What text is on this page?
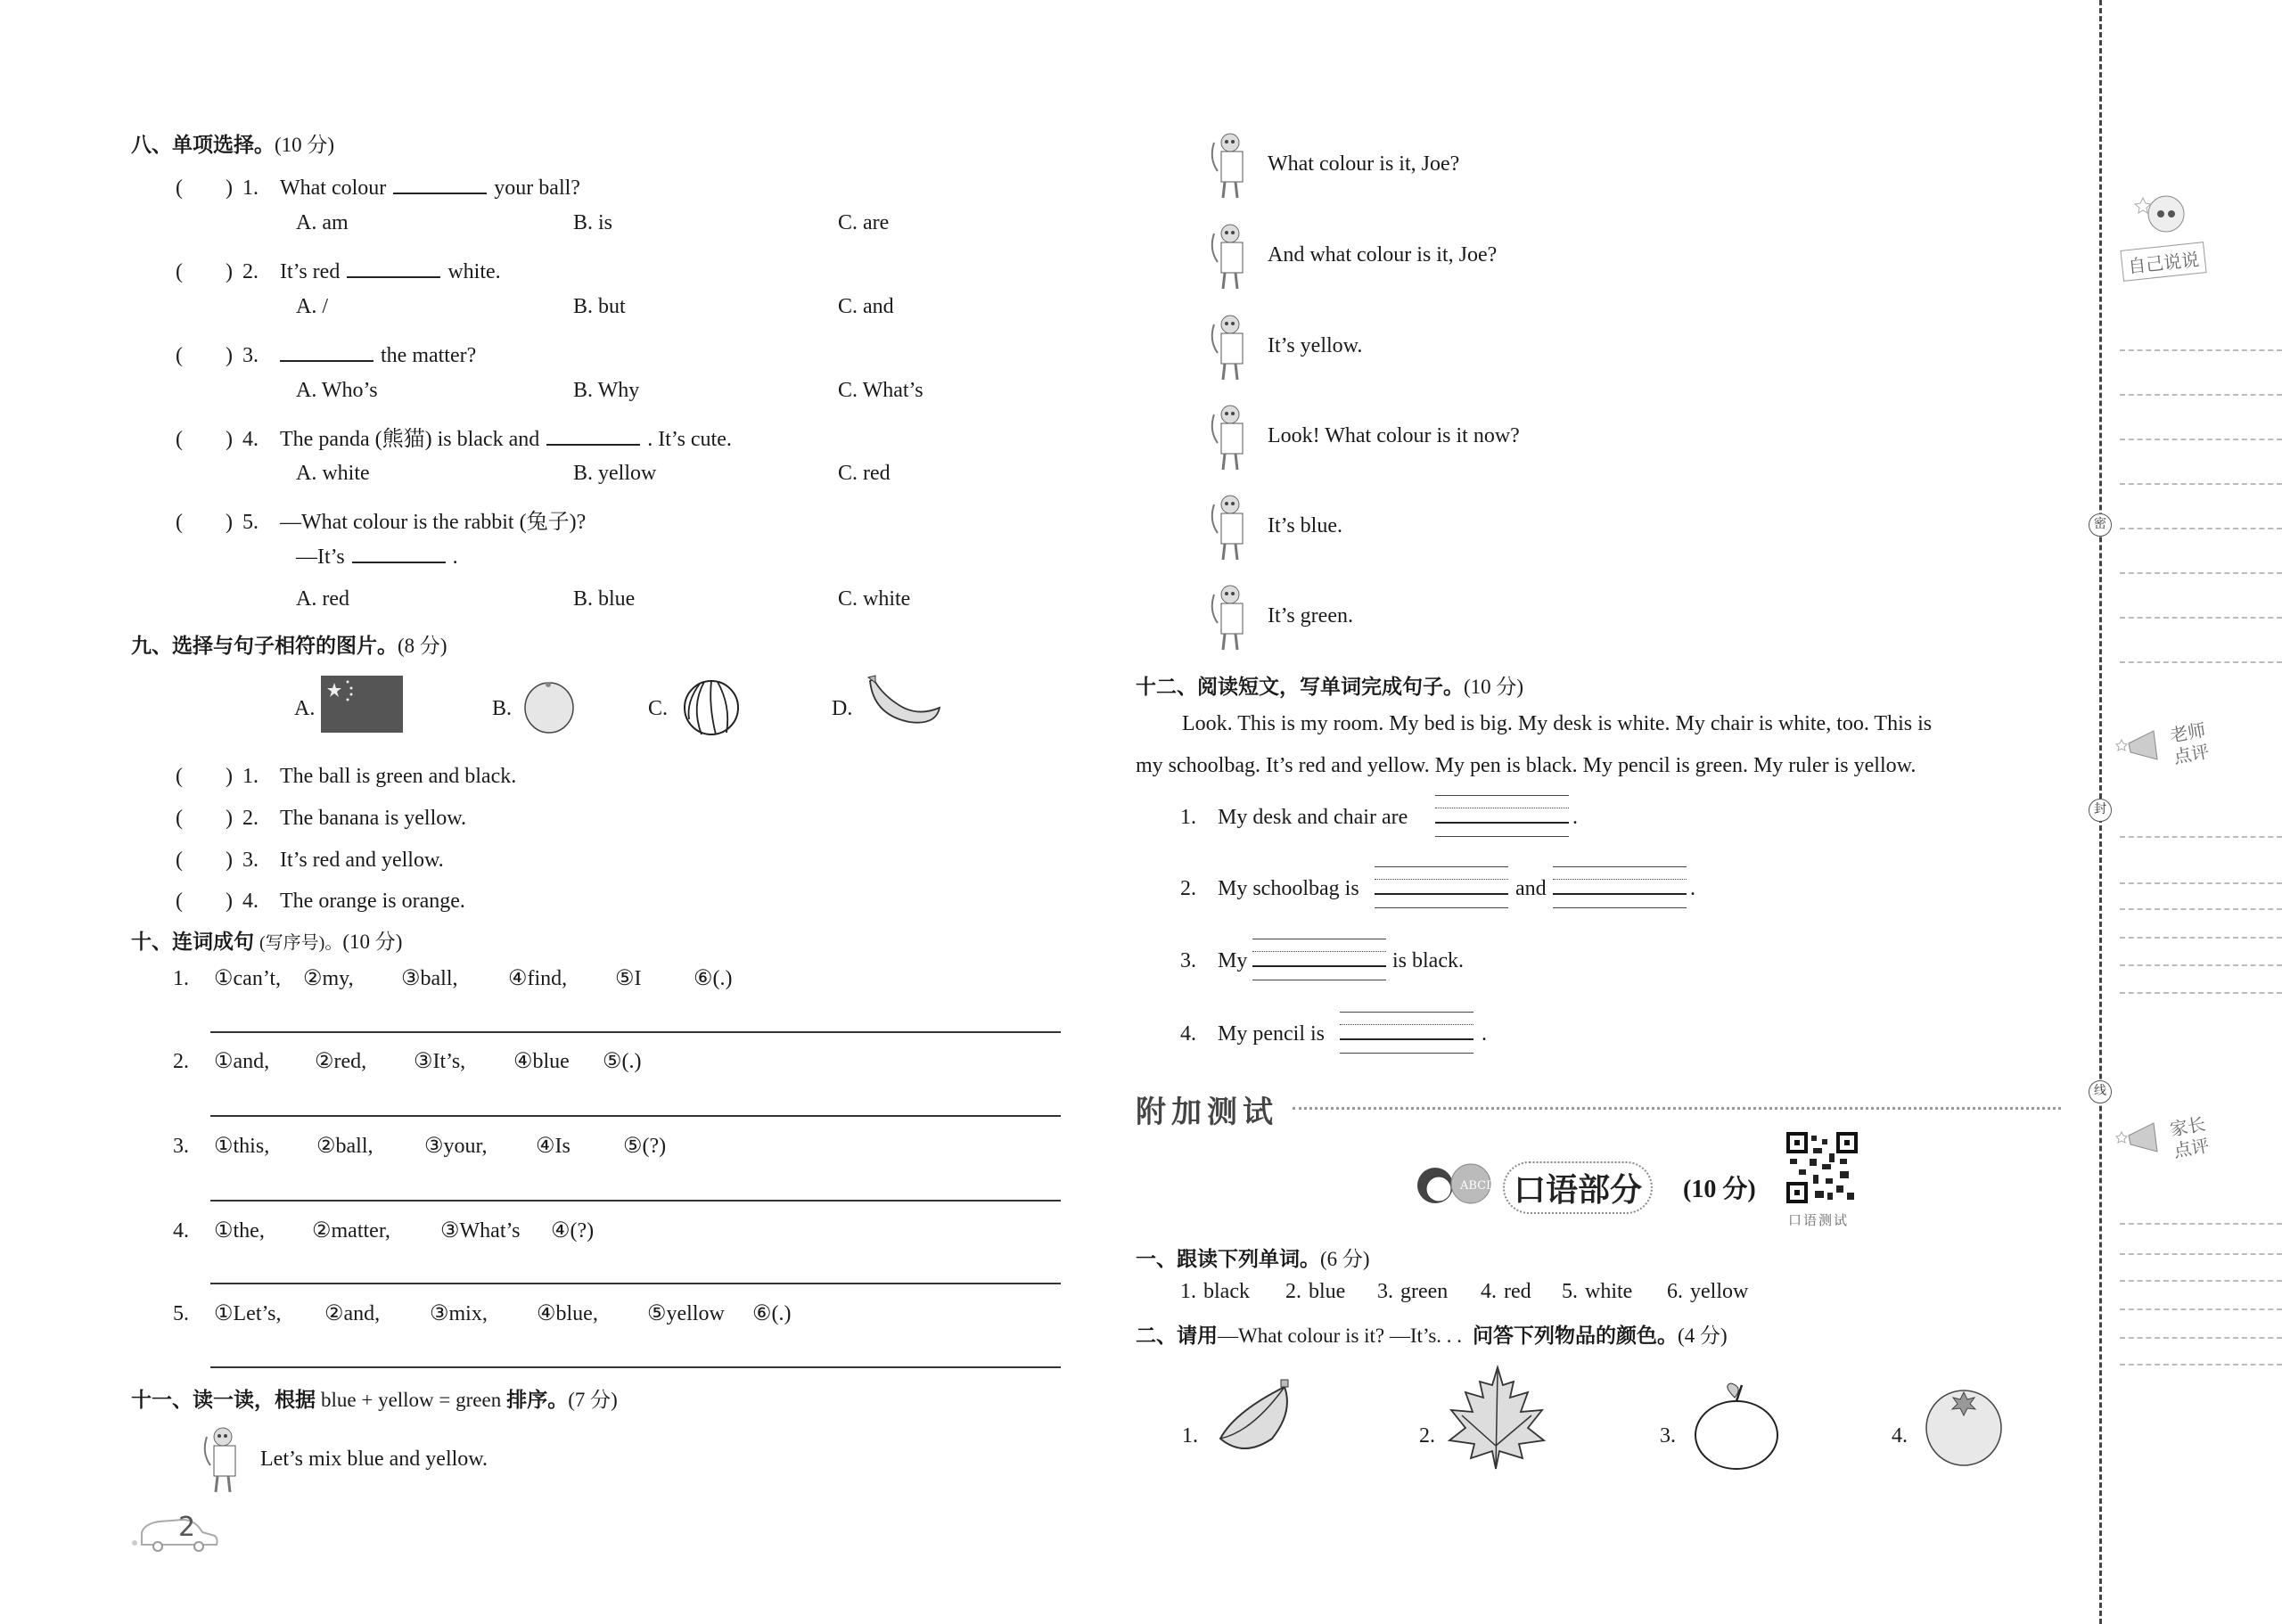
八、单项选择。(10 分)
(　　) 1. What colour	your ball?
A. am	B. is	C. are
(　　) 2. It’s red	white.
A. /	B. but	C. and
(　　) 3.	the matter?
A. Who’s	B. Why	C. What’s
(　　) 4. The panda (熊猫) is black and	. It’s cute.
A. white	B. yellow	C. red
(　　) 5. —What colour is the rabbit (兔子)?
—It’s	.
A. red	B. blue	C. white
九、选择与句子相符的图片。(8 分)
A.	B.	C.	D.
(　　) 1. The ball is green and black.
(　　) 2. The banana is yellow.
(　　) 3. It’s red and yellow.
(　　) 4. The orange is orange.
十、连词成句 (写序号)。(10 分)
1. ①can’t, ②my, ③ball, ④find, ⑤I ⑥(.)
2. ①and, ②red, ③It’s, ④blue ⑤(.)
3. ①this, ②ball, ③your, ④Is ⑤(?)
4. ①the, ②matter, ③What’s ④(?)
5. ①Let’s, ②and, ③mix, ④blue, ⑤yellow ⑥(.)
十一、读一读，根据 blue + yellow = green 排序。(7 分)
Let’s mix blue and yellow.
What colour is it, Joe?
And what colour is it, Joe?
It’s yellow.
Look! What colour is it now?
It’s blue.
It’s green.
2
十二、阅读短文，写单词完成句子。(10 分)
Look. This is my room. My bed is big. My desk is white. My chair is white, too. This is
my schoolbag. It’s red and yellow. My pen is black. My pencil is green. My ruler is yellow.
1. My desk and chair are	.
2. My schoolbag is	and	.
3. My	is black.
4. My pencil is	.
附加测试
ABCDEF 口语部分	(10 分)
口语测试
一、跟读下列单词。(6 分)
1. black 2. blue 3. green 4. red 5. white 6. yellow
二、请用—What colour is it? —It’s. . . 问答下列物品的颜色。(4 分)
1.	2.	3.	4.
密
封
线
自己说说
老师
点评
家长
点评
